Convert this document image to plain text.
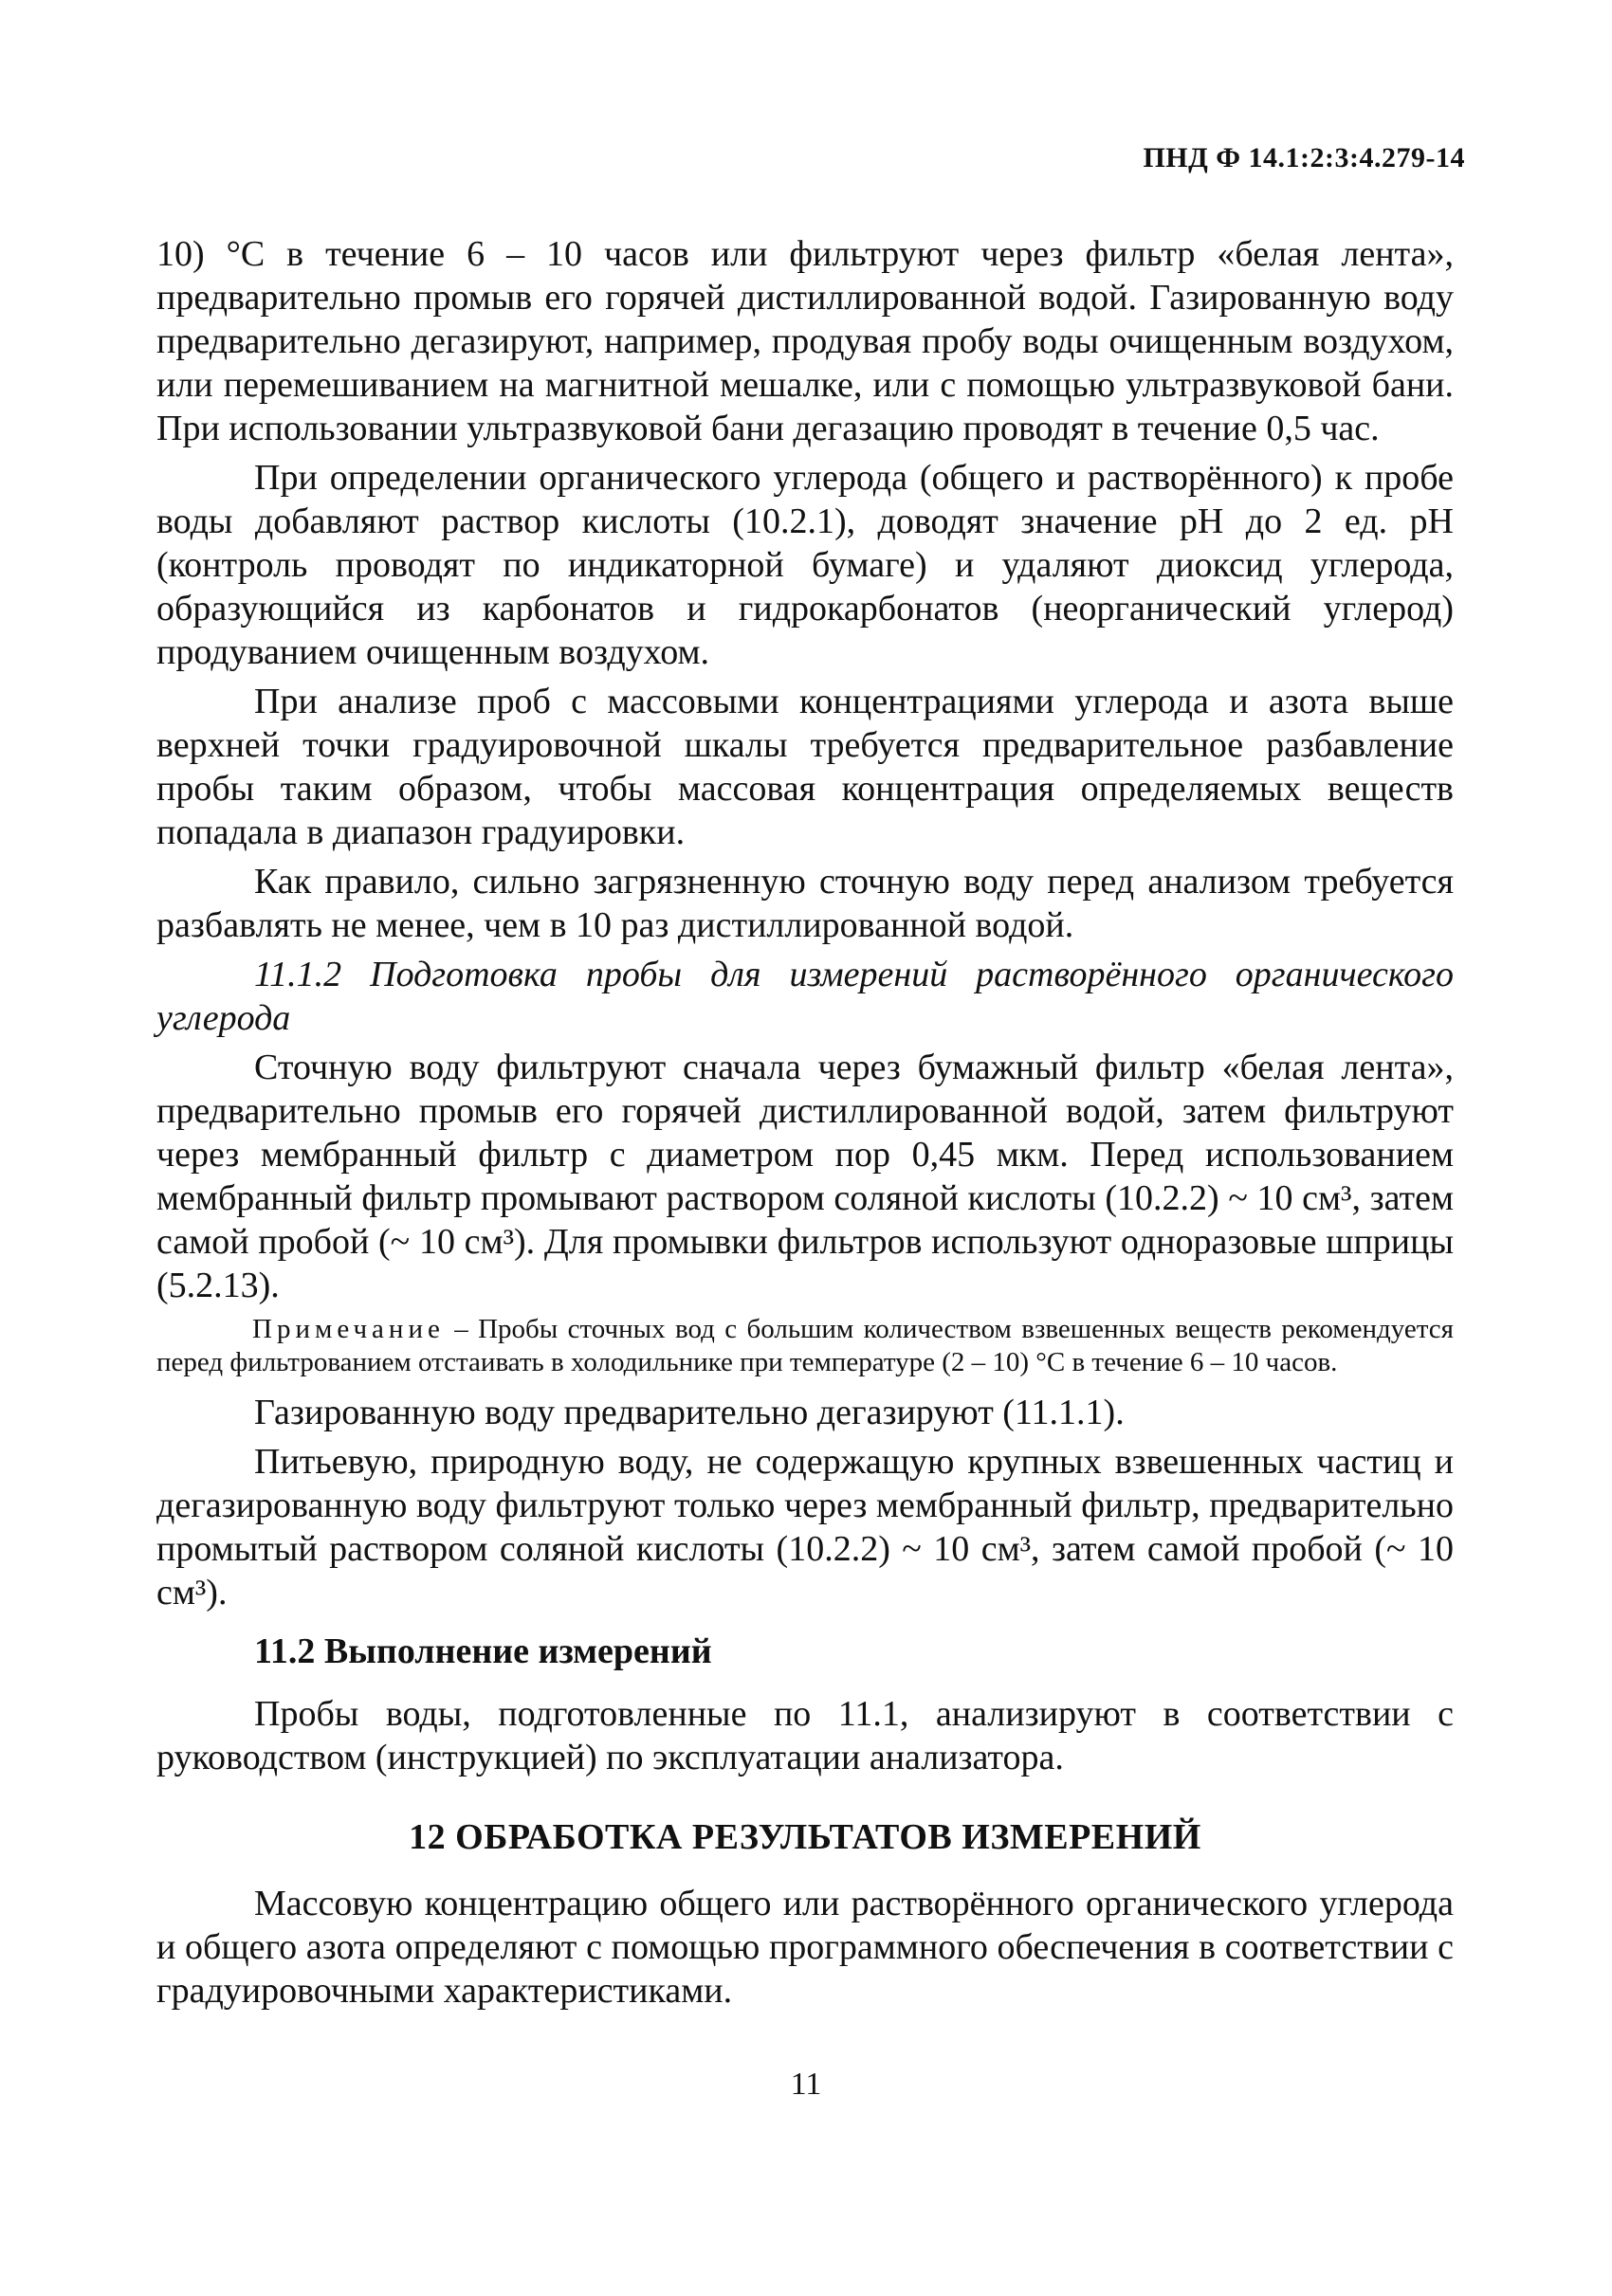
ПНД Ф 14.1:2:3:4.279-14

10) °С в течение 6 – 10 часов или фильтруют через фильтр «белая лента», предварительно промыв его горячей дистиллированной водой. Газированную воду предварительно дегазируют, например, продувая пробу воды очищенным воздухом, или перемешиванием на магнитной мешалке, или с помощью ультразвуковой бани. При использовании ультразвуковой бани дегазацию проводят в течение 0,5 час.

При определении органического углерода (общего и растворённого) к пробе воды добавляют раствор кислоты (10.2.1), доводят значение pH до 2 ед. pH (контроль проводят по индикаторной бумаге) и удаляют диоксид углерода, образующийся из карбонатов и гидрокарбонатов (неорганический углерод) продуванием очищенным воздухом.

При анализе проб с массовыми концентрациями углерода и азота выше верхней точки градуировочной шкалы требуется предварительное разбавление пробы таким образом, чтобы массовая концентрация определяемых веществ попадала в диапазон градуировки.

Как правило, сильно загрязненную сточную воду перед анализом требуется разбавлять не менее, чем в 10 раз дистиллированной водой.

11.1.2 Подготовка пробы для измерений растворённого органического углерода

Сточную воду фильтруют сначала через бумажный фильтр «белая лента», предварительно промыв его горячей дистиллированной водой, затем фильтруют через мембранный фильтр с диаметром пор 0,45 мкм. Перед использованием мембранный фильтр промывают раствором соляной кислоты (10.2.2) ~ 10 см³, затем самой пробой (~ 10 см³). Для промывки фильтров используют одноразовые шприцы (5.2.13).

Примечание – Пробы сточных вод с большим количеством взвешенных веществ рекомендуется перед фильтрованием отстаивать в холодильнике при температуре (2 – 10) °С в течение 6 – 10 часов.

Газированную воду предварительно дегазируют (11.1.1).

Питьевую, природную воду, не содержащую крупных взвешенных частиц и дегазированную воду фильтруют только через мембранный фильтр, предварительно промытый раствором соляной кислоты (10.2.2) ~ 10 см³, затем самой пробой (~ 10 см³).

11.2 Выполнение измерений

Пробы воды, подготовленные по 11.1, анализируют в соответствии с руководством (инструкцией) по эксплуатации анализатора.

12 ОБРАБОТКА РЕЗУЛЬТАТОВ ИЗМЕРЕНИЙ

Массовую концентрацию общего или растворённого органического углерода и общего азота определяют с помощью программного обеспечения в соответствии с градуировочными характеристиками.

11
